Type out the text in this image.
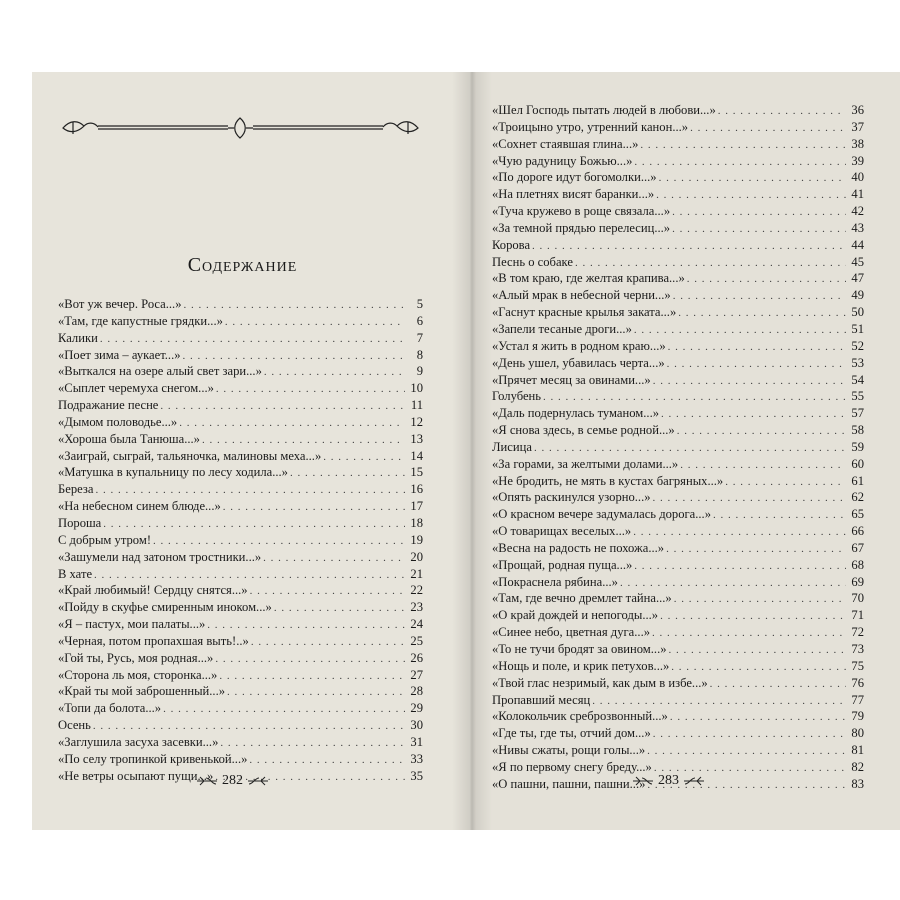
Содержание
«Вот уж вечер. Роса...» . . .	5
«Там, где капустные грядки...» . . .	6
Калики . . .	7
«Поет зима – аукает...» . . .	8
«Выткался на озере алый свет зари...» . . .	9
«Сыплет черемуха снегом...» . . .	10
Подражание песне . . .	11
«Дымом половодье...» . . .	12
«Хороша была Танюша...» . . .	13
«Заиграй, сыграй, тальяночка, малиновы меха...» . . .	14
«Матушка в купальницу по лесу ходила...» . . .	15
Береза . . .	16
«На небесном синем блюде...» . . .	17
Пороша . . .	18
С добрым утром! . . .	19
«Зашумели над затоном тростники...» . . .	20
В хате . . .	21
«Край любимый! Сердцу снятся...» . . .	22
«Пойду в скуфье смиренным иноком...» . . .	23
«Я – пастух, мои палаты...» . . .	24
«Черная, потом пропахшая выть!..» . . .	25
«Гой ты, Русь, моя родная...» . . .	26
«Сторона ль моя, сторонка...» . . .	27
«Край ты мой заброшенный...» . . .	28
«Топи да болота...» . . .	29
Осень . . .	30
«Заглушила засуха засевки...» . . .	31
«По селу тропинкой кривенькой...» . . .	33
«Не ветры осыпают пущи...» . . .	35
«Шел Господь пытать людей в любови...» . . .	36
«Троицыно утро, утренний канон...» . . .	37
«Сохнет стаявшая глина...» . . .	38
«Чую радуницу Божью...» . . .	39
«По дороге идут богомолки...» . . .	40
«На плетнях висят баранки...» . . .	41
«Туча кружево в роще связала...» . . .	42
«За темной прядью перелесиц...» . . .	43
Корова . . .	44
Песнь о собаке . . .	45
«В том краю, где желтая крапива...» . . .	47
«Алый мрак в небесной черни...» . . .	49
«Гаснут красные крылья заката...» . . .	50
«Запели тесаные дроги...» . . .	51
«Устал я жить в родном краю...» . . .	52
«День ушел, убавилась черта...» . . .	53
«Прячет месяц за овинами...» . . .	54
Голубень . . .	55
«Даль подернулась туманом...» . . .	57
«Я снова здесь, в семье родной...» . . .	58
Лисица . . .	59
«За горами, за желтыми долами...» . . .	60
«Не бродить, не мять в кустах багряных...» . . .	61
«Опять раскинулся узорно...» . . .	62
«О красном вечере задумалась дорога...» . . .	65
«О товарищах веселых...» . . .	66
«Весна на радость не похожа...» . . .	67
«Прощай, родная пуща...» . . .	68
«Покраснела рябина...» . . .	69
«Там, где вечно дремлет тайна...» . . .	70
«О край дождей и непогоды...» . . .	71
«Синее небо, цветная дуга...» . . .	72
«То не тучи бродят за овином...» . . .	73
«Нощь и поле, и крик петухов...» . . .	75
«Твой глас незримый, как дым в избе...» . . .	76
Пропавший месяц . . .	77
«Колокольчик среброзвонный...» . . .	79
«Где ты, где ты, отчий дом...» . . .	80
«Нивы сжаты, рощи голы...» . . .	81
«Я по первому снегу бреду...» . . .	82
«О пашни, пашни, пашни...» . . .	83
282	283
